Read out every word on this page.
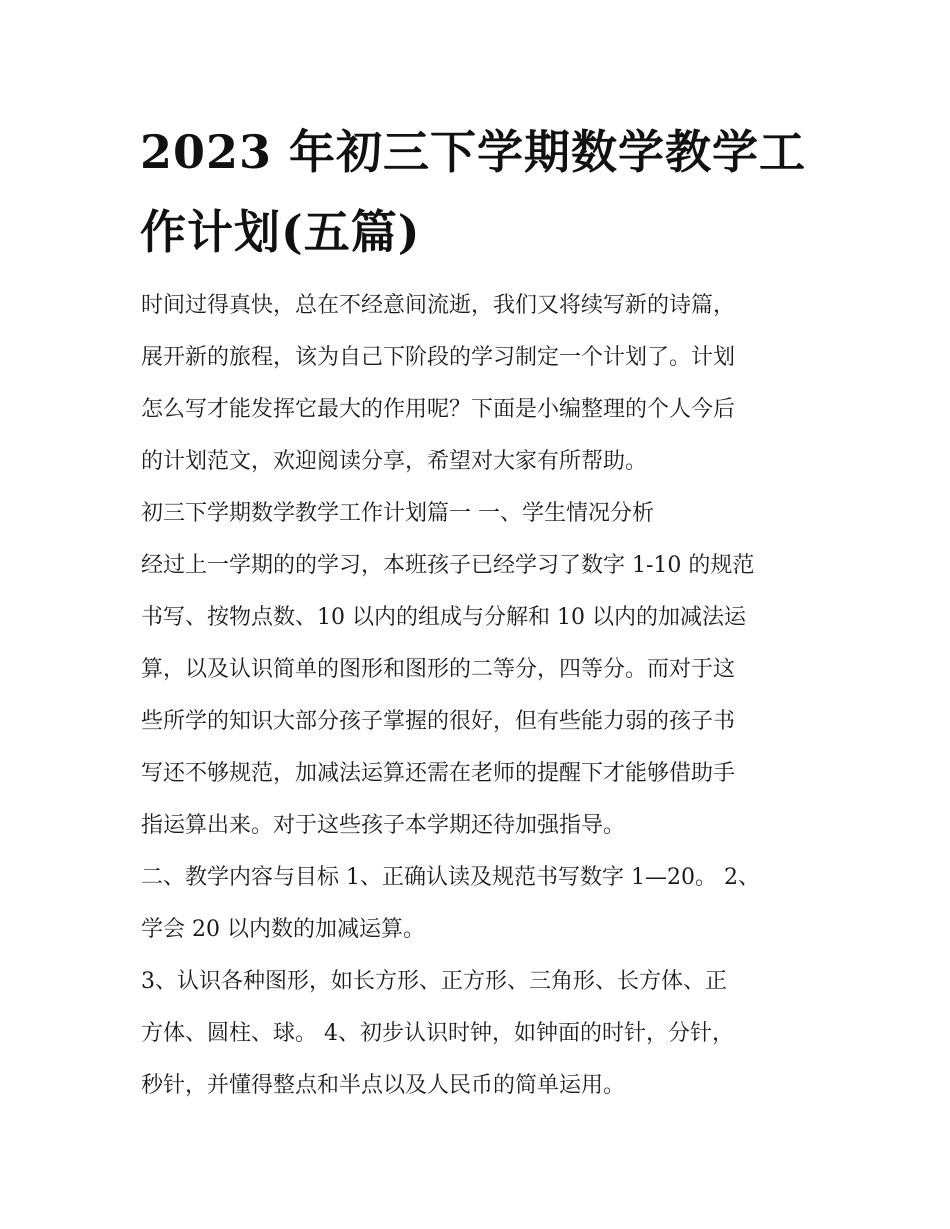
2023 年初三下学期数学教学工
作计划(五篇)
时间过得真快，总在不经意间流逝，我们又将续写新的诗篇，
展开新的旅程，该为自己下阶段的学习制定一个计划了。计划
怎么写才能发挥它最大的作用呢？下面是小编整理的个人今后
的计划范文，欢迎阅读分享，希望对大家有所帮助。
初三下学期数学教学工作计划篇一 一、学生情况分析
经过上一学期的的学习，本班孩子已经学习了数字 1-10 的规范
书写、按物点数、10 以内的组成与分解和 10 以内的加减法运
算，以及认识简单的图形和图形的二等分，四等分。而对于这
些所学的知识大部分孩子掌握的很好，但有些能力弱的孩子书
写还不够规范，加减法运算还需在老师的提醒下才能够借助手
指运算出来。对于这些孩子本学期还待加强指导。
二、教学内容与目标 1、正确认读及规范书写数字 1—20。 2、
学会 20 以内数的加减运算。
3、认识各种图形，如长方形、正方形、三角形、长方体、正
方体、圆柱、球。 4、初步认识时钟，如钟面的时针，分针，
秒针，并懂得整点和半点以及人民币的简单运用。
